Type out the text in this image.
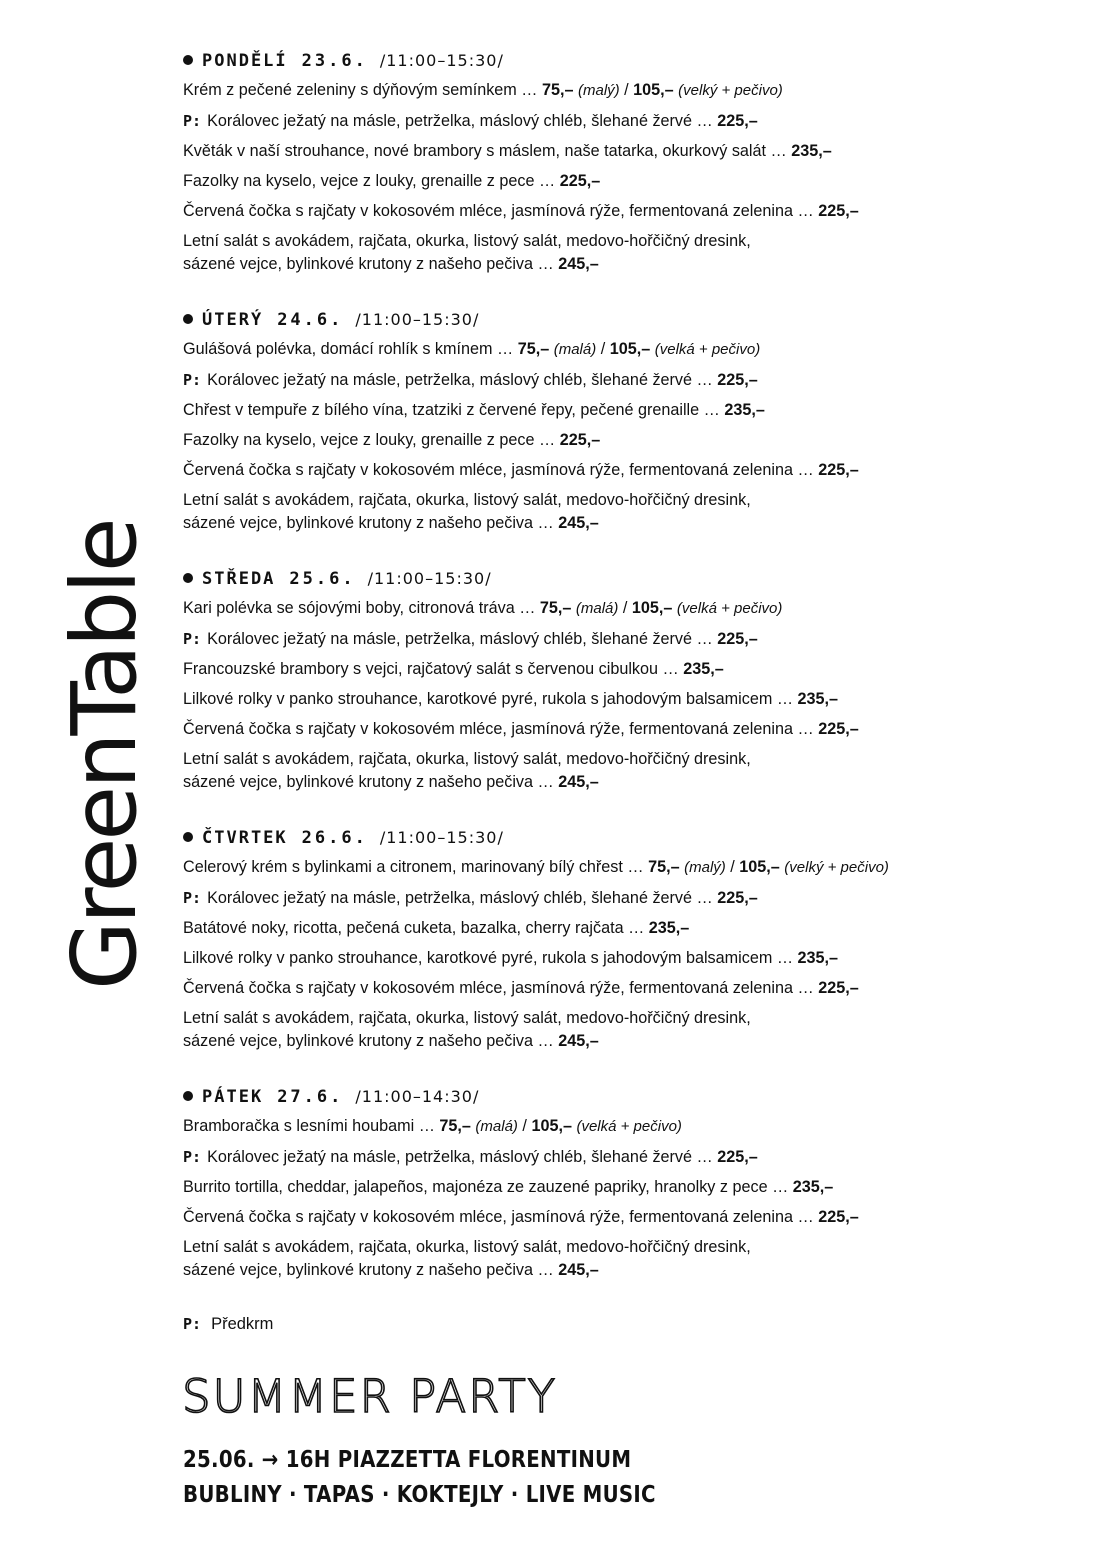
GreenTable
PONDĚLÍ 23.6. /11:00–15:30/
Krém z pečené zeleniny s dýňovým semínkem … 75,– (malý) / 105,– (velký + pečivo)
P: Korálovec ježatý na másle, petrželka, máslový chléb, šlehané žervé … 225,–
Květák v naší strouhance, nové brambory s máslem, naše tatarka, okurkový salát … 235,–
Fazolky na kyselo, vejce z louky, grenaille z pece … 225,–
Červená čočka s rajčaty v kokosovém mléce, jasmínová rýže, fermentovaná zelenina … 225,–
Letní salát s avokádem, rajčata, okurka, listový salát, medovo-hořčičný dresink,
sázené vejce, bylinkové krutony z našeho pečiva … 245,–
ÚTERÝ 24.6. /11:00–15:30/
Gulášová polévka, domácí rohlík s kmínem … 75,– (malá) / 105,– (velká + pečivo)
P: Korálovec ježatý na másle, petrželka, máslový chléb, šlehané žervé … 225,–
Chřest v tempuře z bílého vína, tzatziki z červené řepy, pečené grenaille … 235,–
Fazolky na kyselo, vejce z louky, grenaille z pece … 225,–
Červená čočka s rajčaty v kokosovém mléce, jasmínová rýže, fermentovaná zelenina … 225,–
Letní salát s avokádem, rajčata, okurka, listový salát, medovo-hořčičný dresink,
sázené vejce, bylinkové krutony z našeho pečiva … 245,–
STŘEDA 25.6. /11:00–15:30/
Kari polévka se sójovými boby, citronová tráva … 75,– (malá) / 105,– (velká + pečivo)
P: Korálovec ježatý na másle, petrželka, máslový chléb, šlehané žervé … 225,–
Francouzské brambory s vejci, rajčatový salát s červenou cibulkou … 235,–
Lilkové rolky v panko strouhance, karotkové pyré, rukola s jahodovým balsamicem … 235,–
Červená čočka s rajčaty v kokosovém mléce, jasmínová rýže, fermentovaná zelenina … 225,–
Letní salát s avokádem, rajčata, okurka, listový salát, medovo-hořčičný dresink,
sázené vejce, bylinkové krutony z našeho pečiva … 245,–
ČTVRTEK 26.6. /11:00–15:30/
Celerový krém s bylinkami a citronem, marinovaný bílý chřest … 75,– (malý) / 105,– (velký + pečivo)
P: Korálovec ježatý na másle, petrželka, máslový chléb, šlehané žervé … 225,–
Batátové noky, ricotta, pečená cuketa, bazalka, cherry rajčata … 235,–
Lilkové rolky v panko strouhance, karotkové pyré, rukola s jahodovým balsamicem … 235,–
Červená čočka s rajčaty v kokosovém mléce, jasmínová rýže, fermentovaná zelenina … 225,–
Letní salát s avokádem, rajčata, okurka, listový salát, medovo-hořčičný dresink,
sázené vejce, bylinkové krutony z našeho pečiva … 245,–
PÁTEK 27.6. /11:00–14:30/
Bramboračka s lesními houbami … 75,– (malá) / 105,– (velká + pečivo)
P: Korálovec ježatý na másle, petrželka, máslový chléb, šlehané žervé … 225,–
Burrito tortilla, cheddar, jalapeños, majonéza ze zauzené papriky, hranolky z pece … 235,–
Červená čočka s rajčaty v kokosovém mléce, jasmínová rýže, fermentovaná zelenina … 225,–
Letní salát s avokádem, rajčata, okurka, listový salát, medovo-hořčičný dresink,
sázené vejce, bylinkové krutony z našeho pečiva … 245,–
P: Předkrm
SUMMER PARTY
25.06. → 16H PIAZZETTA FLORENTINUM
BUBLINY · TAPAS · KOKTEJLY · LIVE MUSIC
